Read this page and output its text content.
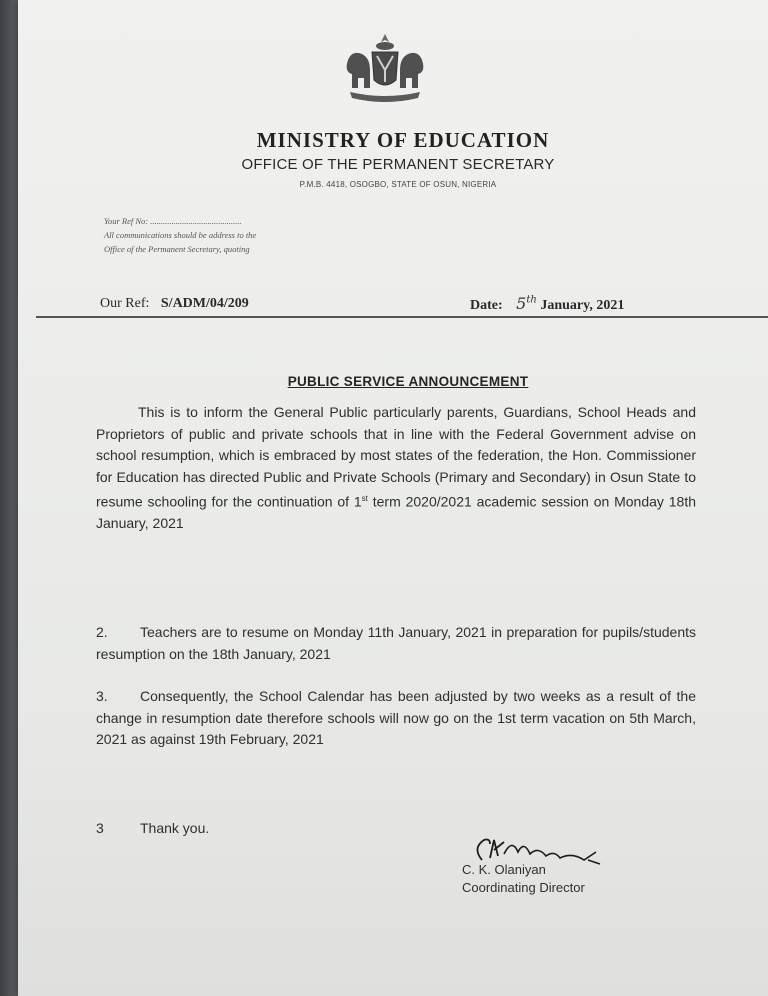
MINISTRY OF EDUCATION
OFFICE OF THE PERMANENT SECRETARY
P.M.B. 4418, OSOGBO, STATE OF OSUN, NIGERIA
Your Ref No: ...........................................
All communications should be address to the
Office of the Permanent Secretary, quoting
Our Ref: S/ADM/04/209	Date: 5th January, 2021
PUBLIC SERVICE ANNOUNCEMENT
This is to inform the General Public particularly parents, Guardians, School Heads and Proprietors of public and private schools that in line with the Federal Government advise on school resumption, which is embraced by most states of the federation, the Hon. Commissioner for Education has directed Public and Private Schools (Primary and Secondary) in Osun State to resume schooling for the continuation of 1st term 2020/2021 academic session on Monday 18th January, 2021
2. Teachers are to resume on Monday 11th January, 2021 in preparation for pupils/students resumption on the 18th January, 2021
3. Consequently, the School Calendar has been adjusted by two weeks as a result of the change in resumption date therefore schools will now go on the 1st term vacation on 5th March, 2021 as against 19th February, 2021
3	Thank you.
C. K. Olaniyan
Coordinating Director
